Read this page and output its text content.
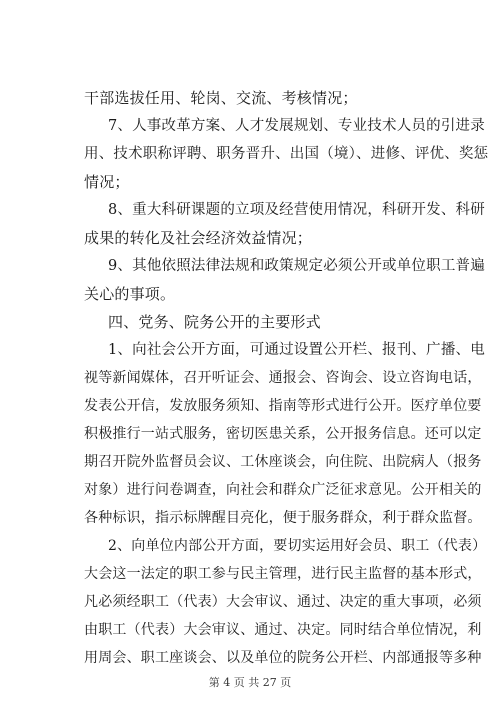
干部选拔任用、轮岗、交流、考核情况；
7、人事改革方案、人才发展规划、专业技术人员的引进录
用、技术职称评聘、职务晋升、出国（境）、进修、评优、奖惩
情况；
8、重大科研课题的立项及经营使用情况，科研开发、科研
成果的转化及社会经济效益情况；
9、其他依照法律法规和政策规定必须公开或单位职工普遍
关心的事项。
四、党务、院务公开的主要形式
1、向社会公开方面，可通过设置公开栏、报刊、广播、电
视等新闻媒体，召开听证会、通报会、咨询会、设立咨询电话，
发表公开信，发放服务须知、指南等形式进行公开。医疗单位要
积极推行一站式服务，密切医患关系，公开报务信息。还可以定
期召开院外监督员会议、工休座谈会，向住院、出院病人（报务
对象）进行问卷调查，向社会和群众广泛征求意见。公开相关的
各种标识，指示标牌醒目亮化，便于服务群众，利于群众监督。
2、向单位内部公开方面，要切实运用好会员、职工（代表）
大会这一法定的职工参与民主管理，进行民主监督的基本形式，
凡必须经职工（代表）大会审议、通过、决定的重大事项，必须
由职工（代表）大会审议、通过、决定。同时结合单位情况，利
用周会、职工座谈会、以及单位的院务公开栏、内部通报等多种
第 4 页 共 27 页
